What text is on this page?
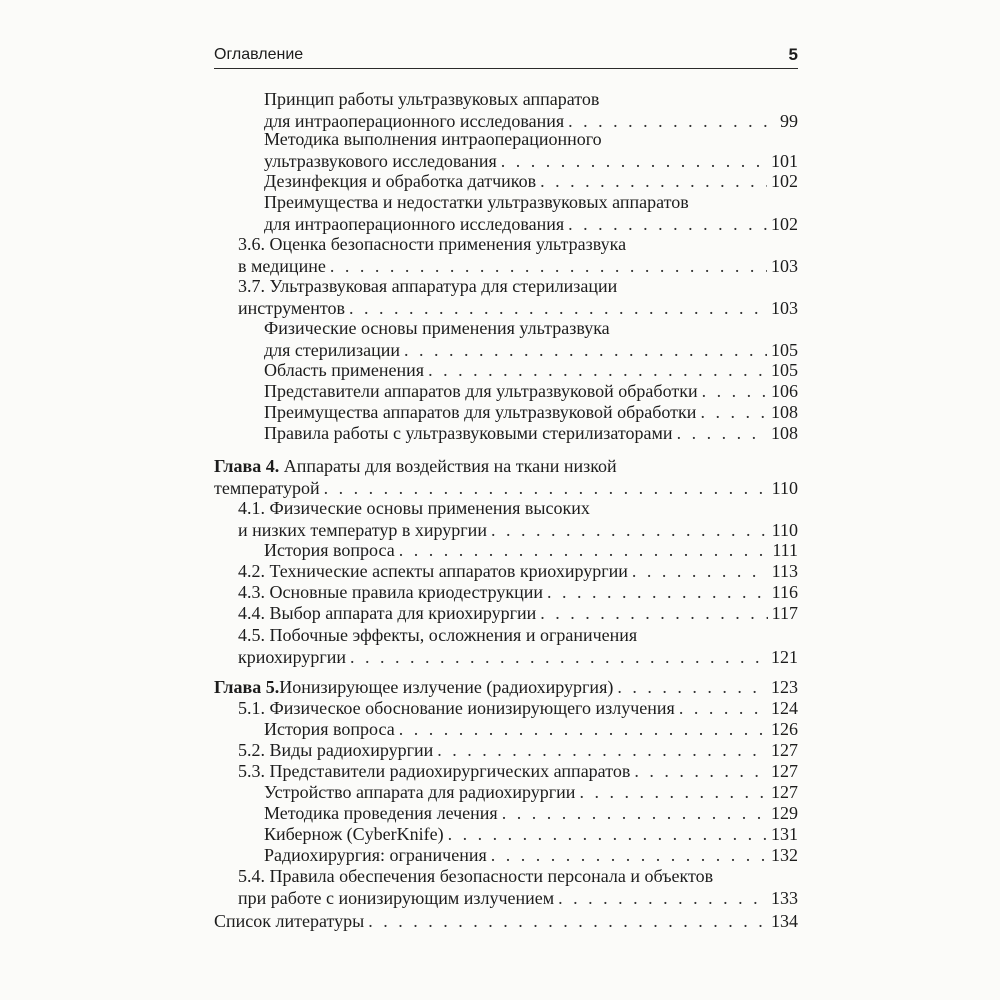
Оглавление	5
Принцип работы ультразвуковых аппаратов
для интраоперационного исследования . . .	99
Методика выполнения интраоперационного
ультразвукового исследования . . .	101
Дезинфекция и обработка датчиков . . .	102
Преимущества и недостатки ультразвуковых аппаратов
для интраоперационного исследования . . .	102
3.6. Оценка безопасности применения ультразвука
в медицине . . .	103
3.7. Ультразвуковая аппаратура для стерилизации
инструментов . . .	103
Физические основы применения ультразвука
для стерилизации . . .	105
Область применения . . .	105
Представители аппаратов для ультразвуковой обработки . . .	106
Преимущества аппаратов для ультразвуковой обработки . . .	108
Правила работы с ультразвуковыми стерилизаторами . . .	108
Глава 4. Аппараты для воздействия на ткани низкой
температурой . . .	110
4.1. Физические основы применения высоких
и низких температур в хирургии . . .	110
История вопроса . . .	111
4.2. Технические аспекты аппаратов криохирургии . . .	113
4.3. Основные правила криодеструкции . . .	116
4.4. Выбор аппарата для криохирургии . . .	117
4.5. Побочные эффекты, осложнения и ограничения
криохирургии . . .	121
Глава 5. Ионизирующее излучение (радиохирургия) . . .	123
5.1. Физическое обоснование ионизирующего излучения . . .	124
История вопроса . . .	126
5.2. Виды радиохирургии . . .	127
5.3. Представители радиохирургических аппаратов . . .	127
Устройство аппарата для радиохирургии . . .	127
Методика проведения лечения . . .	129
Кибернож (CyberKnife) . . .	131
Радиохирургия: ограничения . . .	132
5.4. Правила обеспечения безопасности персонала и объектов
при работе с ионизирующим излучением . . .	133
Список литературы . . .	134
